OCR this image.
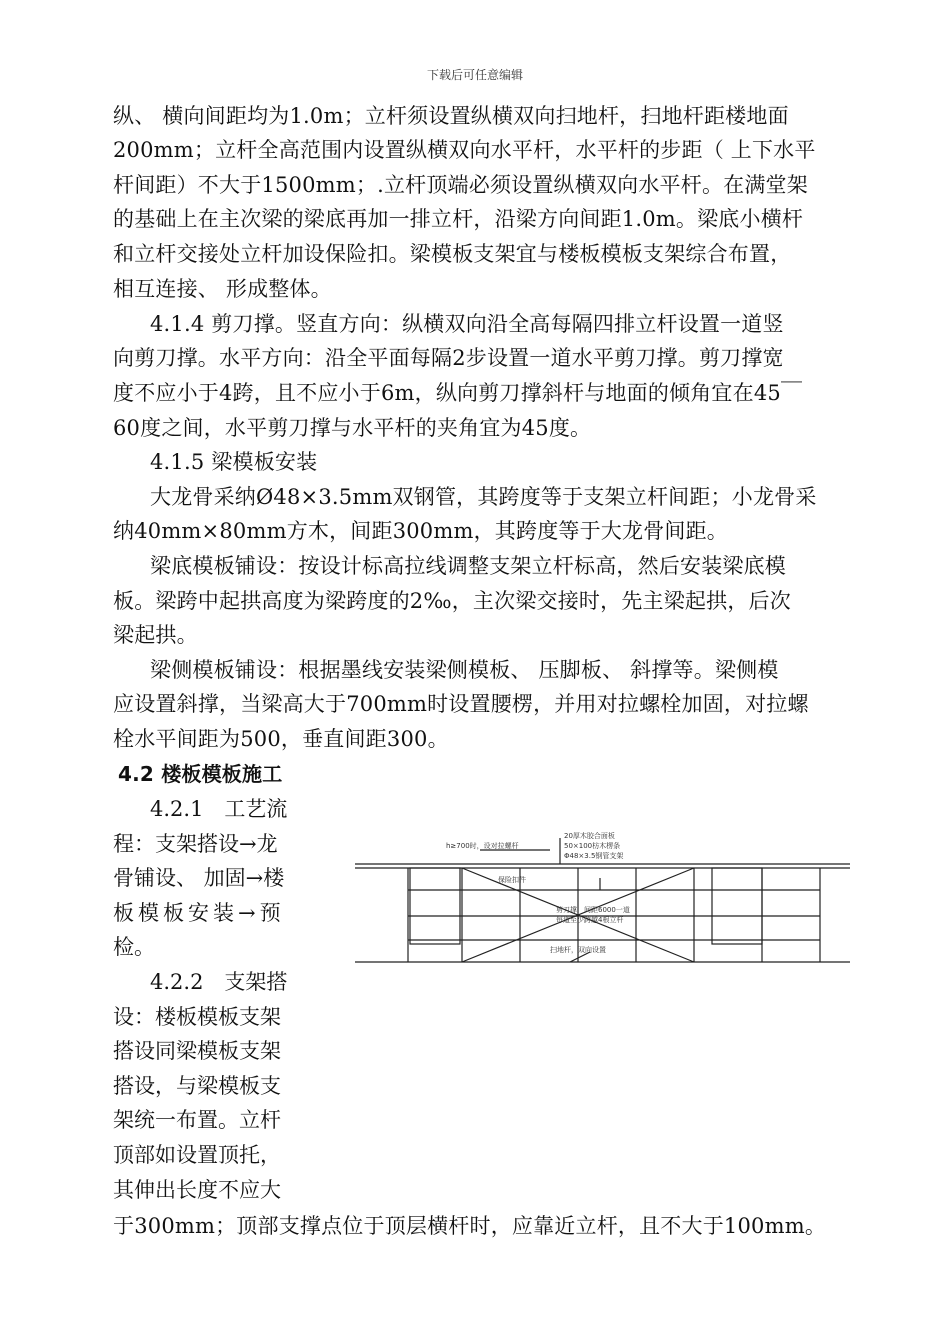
下载后可任意编辑
纵、 横向间距均为1.0m；立杆须设置纵横双向扫地杆，扫地杆距楼地面
200mm；立杆全高范围内设置纵横双向水平杆，水平杆的步距（ 上下水平
杆间距）不大于1500mm；.立杆顶端必须设置纵横双向水平杆。在满堂架
的基础上在主次梁的梁底再加一排立杆，沿梁方向间距1.0m。梁底小横杆
和立杆交接处立杆加设保险扣。梁模板支架宜与楼板模板支架综合布置，
相互连接、 形成整体。
4.1.4 剪刀撑。竖直方向：纵横双向沿全高每隔四排立杆设置一道竖
向剪刀撑。水平方向：沿全平面每隔2步设置一道水平剪刀撑。剪刀撑宽
度不应小于4跨，且不应小于6m，纵向剪刀撑斜杆与地面的倾角宜在45￣
60度之间，水平剪刀撑与水平杆的夹角宜为45度。
4.1.5 梁模板安装
大龙骨采纳Ø48×3.5mm双钢管，其跨度等于支架立杆间距；小龙骨采
纳40mm×80mm方木，间距300mm，其跨度等于大龙骨间距。
梁底模板铺设：按设计标高拉线调整支架立杆标高，然后安装梁底模
板。梁跨中起拱高度为梁跨度的2‰，主次梁交接时，先主梁起拱，后次
梁起拱。
梁侧模板铺设：根据墨线安装梁侧模板、 压脚板、 斜撑等。梁侧模
应设置斜撑，当梁高大于700mm时设置腰楞，并用对拉螺栓加固，对拉螺
栓水平间距为500，垂直间距300。
4.2 楼板模板施工
4.2.1　工艺流
程：支架搭设→龙
骨铺设、 加固→楼
板模板安装→预
检。
4.2.2　支架搭
设：楼板模板支架
搭设同梁模板支架
搭设，与梁模板支
架统一布置。立杆
顶部如设置顶托，
其伸出长度不应大
于300mm；顶部支撑点位于顶层横杆时，应靠近立杆，且不大于100mm。
20厚木胶合面板
50×100枋木楞条
Φ48×3.5钢管支架
h≥700时，设对拉螺杆
保险扣件
剪刀撑，间距6000一道
每道至少跨越4根立杆
扫地杆，双向设置
